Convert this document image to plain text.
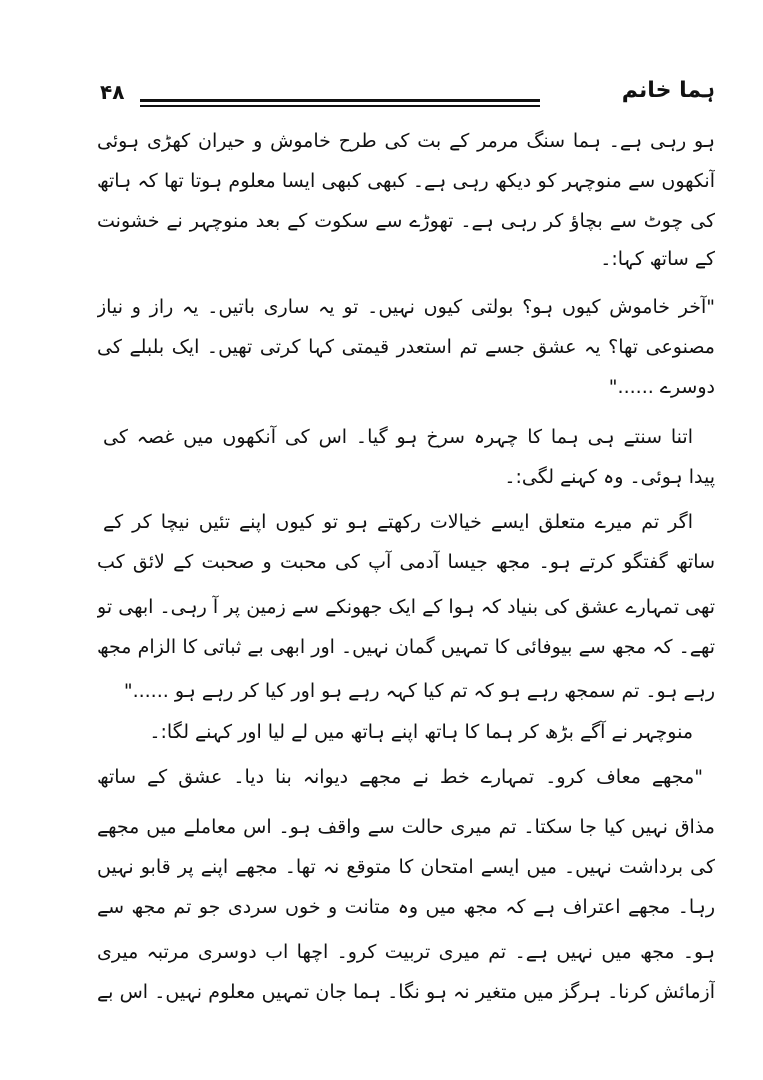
ہما خانم
۴۸
ہو رہی ہے۔ ہما سنگ مرمر کے بت کی طرح خاموش و حیران کھڑی ہوئی
آنکھوں سے منوچہر کو دیکھ رہی ہے۔ کبھی کبھی ایسا معلوم ہوتا تھا کہ ہاتھ
کی چوٹ سے بچاؤ کر رہی ہے۔ تھوڑے سے سکوت کے بعد منوچہر نے خشونت
کے ساتھ کہا:۔
"آخر خاموش کیوں ہو؟ بولتی کیوں نہیں۔ تو یہ ساری باتیں۔ یہ راز و نیاز
مصنوعی تھا؟ یہ عشق جسے تم استعدر قیمتی کہا کرتی تھیں۔ ایک بلبلے کی
دوسرے ......"
اتنا سنتے ہی ہما کا چہرہ سرخ ہو گیا۔ اس کی آنکھوں میں غصہ کی
پیدا ہوئی۔ وہ کہنے لگی:۔
اگر تم میرے متعلق ایسے خیالات رکھتے ہو تو کیوں اپنے تئیں نیچا کر کے
ساتھ گفتگو کرتے ہو۔ مجھ جیسا آدمی آپ کی محبت و صحبت کے لائق کب
تھی تمہارے عشق کی بنیاد کہ ہوا کے ایک جھونکے سے زمین پر آ رہی۔ ابھی تو
تھے۔ کہ مجھ سے بیوفائی کا تمہیں گمان نہیں۔ اور ابھی بے ثباتی کا الزام مجھ
رہے ہو۔ تم سمجھ رہے ہو کہ تم کیا کہہ رہے ہو اور کیا کر رہے ہو ......"
منوچہر نے آگے بڑھ کر ہما کا ہاتھ اپنے ہاتھ میں لے لیا اور کہنے لگا:۔
"مجھے معاف کرو۔ تمہارے خط نے مجھے دیوانہ بنا دیا۔ عشق کے ساتھ
مذاق نہیں کیا جا سکتا۔ تم میری حالت سے واقف ہو۔ اس معاملے میں مجھے
کی برداشت نہیں۔ میں ایسے امتحان کا متوقع نہ تھا۔ مجھے اپنے پر قابو نہیں
رہا۔ مجھے اعتراف ہے کہ مجھ میں وہ متانت و خوں سردی جو تم مجھ سے
ہو۔ مجھ میں نہیں ہے۔ تم میری تربیت کرو۔ اچھا اب دوسری مرتبہ میری
آزمائش کرنا۔ ہرگز میں متغیر نہ ہو نگا۔ ہما جان تمہیں معلوم نہیں۔ اس بے
